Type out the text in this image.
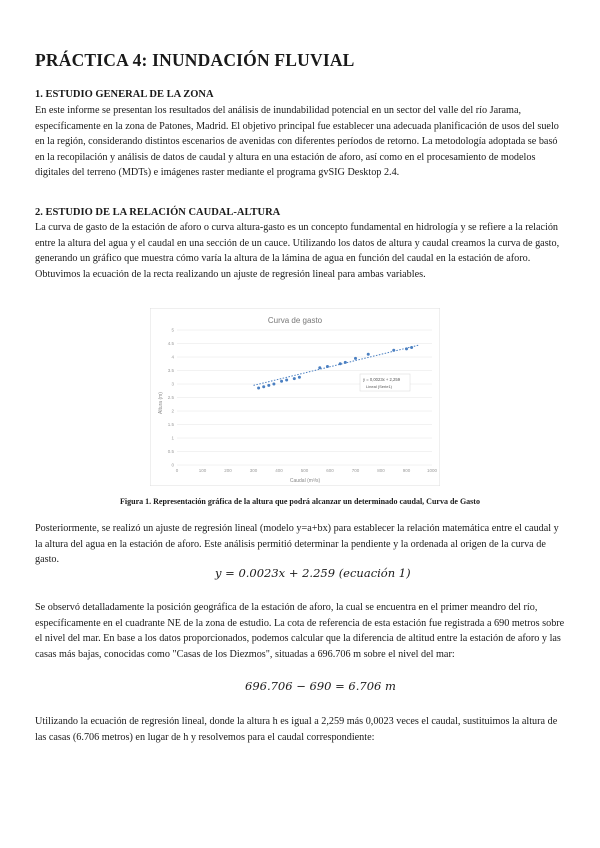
PRÁCTICA 4: INUNDACIÓN FLUVIAL
1. ESTUDIO GENERAL DE LA ZONA

En este informe se presentan los resultados del análisis de inundabilidad potencial en un sector del valle del río Jarama, específicamente en la zona de Patones, Madrid. El objetivo principal fue establecer una adecuada planificación de usos del suelo en la región, considerando distintos escenarios de avenidas con diferentes períodos de retorno. La metodología adoptada se basó en la recopilación y análisis de datos de caudal y altura en una estación de aforo, así como en el procesamiento de modelos digitales del terreno (MDTs) e imágenes raster mediante el programa gvSIG Desktop 2.4.

2. ESTUDIO DE LA RELACIÓN CAUDAL-ALTURA

La curva de gasto de la estación de aforo o curva altura-gasto es un concepto fundamental en hidrología y se refiere a la relación entre la altura del agua y el caudal en una sección de un cauce. Utilizando los datos de altura y caudal creamos la curva de gasto, generando un gráfico que muestra cómo varía la altura de la lámina de agua en función del caudal en la estación de aforo. Obtuvimos la ecuación de la recta realizando un ajuste de regresión lineal para ambas variables.

Curva de gasto
0
0.5
1
1.5
2
2.5
3
3.5
4
4.5
5
0	100	200	300	400	500	600	700	800	900	1000
Altura (m)
Caudal (m³/s)
y = 0,0023x + 2,259
Lineal (Serie1)

Figura 1. Representación gráfica de la altura que podrá alcanzar un determinado caudal, Curva de Gasto

Posteriormente, se realizó un ajuste de regresión lineal (modelo y=a+bx) para establecer la relación matemática entre el caudal y la altura del agua en la estación de aforo. Este análisis permitió determinar la pendiente y la ordenada al origen de la curva de gasto.

y = 0.0023x + 2.259 (ecuación 1)

Se observó detalladamente la posición geográfica de la estación de aforo, la cual se encuentra en el primer meandro del río, específicamente en el cuadrante NE de la zona de estudio. La cota de referencia de esta estación fue registrada a 690 metros sobre el nivel del mar. En base a los datos proporcionados, podemos calcular que la diferencia de altitud entre la estación de aforo y las casas más bajas, conocidas como "Casas de los Diezmos", situadas a 696.706 m sobre el nivel del mar:

696.706 − 690 = 6.706 m

Utilizando la ecuación de regresión lineal, donde la altura h es igual a 2,259 más 0,0023 veces el caudal, sustituimos la altura de las casas (6.706 metros) en lugar de h y resolvemos para el caudal correspondiente:
